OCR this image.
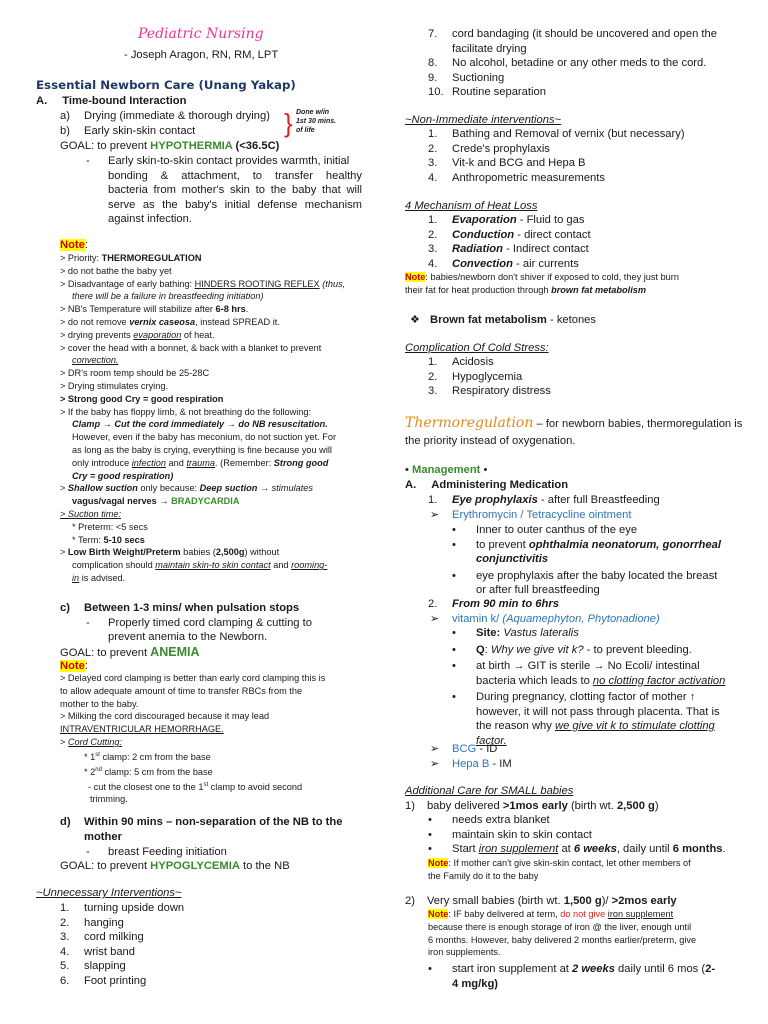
Pediatric Nursing
- Joseph Aragon, RN, RM, LPT
Essential Newborn Care (Unang Yakap)
A. Time-bound Interaction
a) Drying (immediate & thorough drying)
b) Early skin-skin contact	} Done w/in
1st 30 mins.
of life
GOAL: to prevent HYPOTHERMIA (<36.5C)
- Early skin-to-skin contact provides warmth, initial
bonding & attachment, to transfer healthy
bacteria from mother's skin to the baby that will
serve as the baby's initial defense mechanism
against infection.
Note:
> Priority: THERMOREGULATION
> do not bathe the baby yet
> Disadvantage of early bathing: HINDERS ROOTING REFLEX (thus,
there will be a failure in breastfeeding initiation)
> NB's Temperature will stabilize after 6-8 hrs.
> do not remove vernix caseosa, instead SPREAD it.
> drying prevents evaporation of heat.
> cover the head with a bonnet, & back with a blanket to prevent
convection.
> DR's room temp should be 25-28C
> Drying stimulates crying.
> Strong good Cry = good respiration
> If the baby has floppy limb, & not breathing do the following:
Clamp → Cut the cord immediately → do NB resuscitation.
However, even if the baby has meconium, do not suction yet. For
as long as the baby is crying, everything is fine because you will
only introduce infection and trauma. (Remember: Strong good
Cry = good respiration)
> Shallow suction only because: Deep suction → stimulates
vagus/vagal nerves → BRADYCARDIA
> Suction time:
* Preterm: <5 secs
* Term: 5-10 secs
> Low Birth Weight/Preterm babies (2,500g) without
complication should maintain skin-to skin contact and rooming-
in is advised.
c) Between 1-3 mins/ when pulsation stops
- Properly timed cord clamping & cutting to
prevent anemia to the Newborn.
GOAL: to prevent ANEMIA
Note:
> Delayed cord clamping is better than early cord clamping this is
to allow adequate amount of time to transfer RBCs from the
mother to the baby.
> Milking the cord discouraged because it may lead
INTRAVENTRICULAR HEMORRHAGE.
> Cord Cutting:
* 1st clamp: 2 cm from the base
* 2nd clamp: 5 cm from the base
- cut the closest one to the 1st clamp to avoid second
trimming.
d) Within 90 mins – non-separation of the NB to the
mother
- breast Feeding initiation
GOAL: to prevent HYPOGLYCEMIA to the NB
~Unnecessary Interventions~
1. turning upside down
2. hanging
3. cord milking
4. wrist band
5. slapping
6. Foot printing
7. cord bandaging (it should be uncovered and open the
facilitate drying
8. No alcohol, betadine or any other meds to the cord.
9. Suctioning
10. Routine separation
~Non-Immediate interventions~
1. Bathing and Removal of vernix (but necessary)
2. Crede's prophylaxis
3. Vit-k and BCG and Hepa B
4. Anthropometric measurements
4 Mechanism of Heat Loss
1. Evaporation - Fluid to gas
2. Conduction - direct contact
3. Radiation - Indirect contact
4. Convection - air currents
Note: babies/newborn don't shiver if exposed to cold, they just burn
their fat for heat production through brown fat metabolism
❖ Brown fat metabolism - ketones
Complication Of Cold Stress:
1. Acidosis
2. Hypoglycemia
3. Respiratory distress
Thermoregulation – for newborn babies, thermoregulation is
the priority instead of oxygenation.
• Management •
A. Administering Medication
1. Eye prophylaxis - after full Breastfeeding
➢ Erythromycin / Tetracycline ointment
• Inner to outer canthus of the eye
• to prevent ophthalmia neonatorum, gonorrheal
conjunctivitis
• eye prophylaxis after the baby located the breast
or after full breastfeeding
2. From 90 min to 6hrs
➢ vitamin k/ (Aquamephyton, Phytonadione)
• Site: Vastus lateralis
• Q: Why we give vit k? - to prevent bleeding.
• at birth → GIT is sterile → No Ecoli/ intestinal
bacteria which leads to no clotting factor activation
• During pregnancy, clotting factor of mother ↑
however, it will not pass through placenta. That is
the reason why we give vit k to stimulate clotting
factor.
➢ BCG - ID
➢ Hepa B - IM
Additional Care for SMALL babies
1) baby delivered >1mos early (birth wt. 2,500 g)
• needs extra blanket
• maintain skin to skin contact
• Start iron supplement at 6 weeks, daily until 6 months.
Note: If mother can't give skin-skin contact, let other members of
the Family do it to the baby
2) Very small babies (birth wt. 1,500 g)/ >2mos early
Note: IF baby delivered at term, do not give iron supplement
because there is enough storage of iron @ the liver, enough until
6 months. However, baby delivered 2 months earlier/preterm, give
iron supplements.
• start iron supplement at 2 weeks daily until 6 mos (2-
4 mg/kg)
